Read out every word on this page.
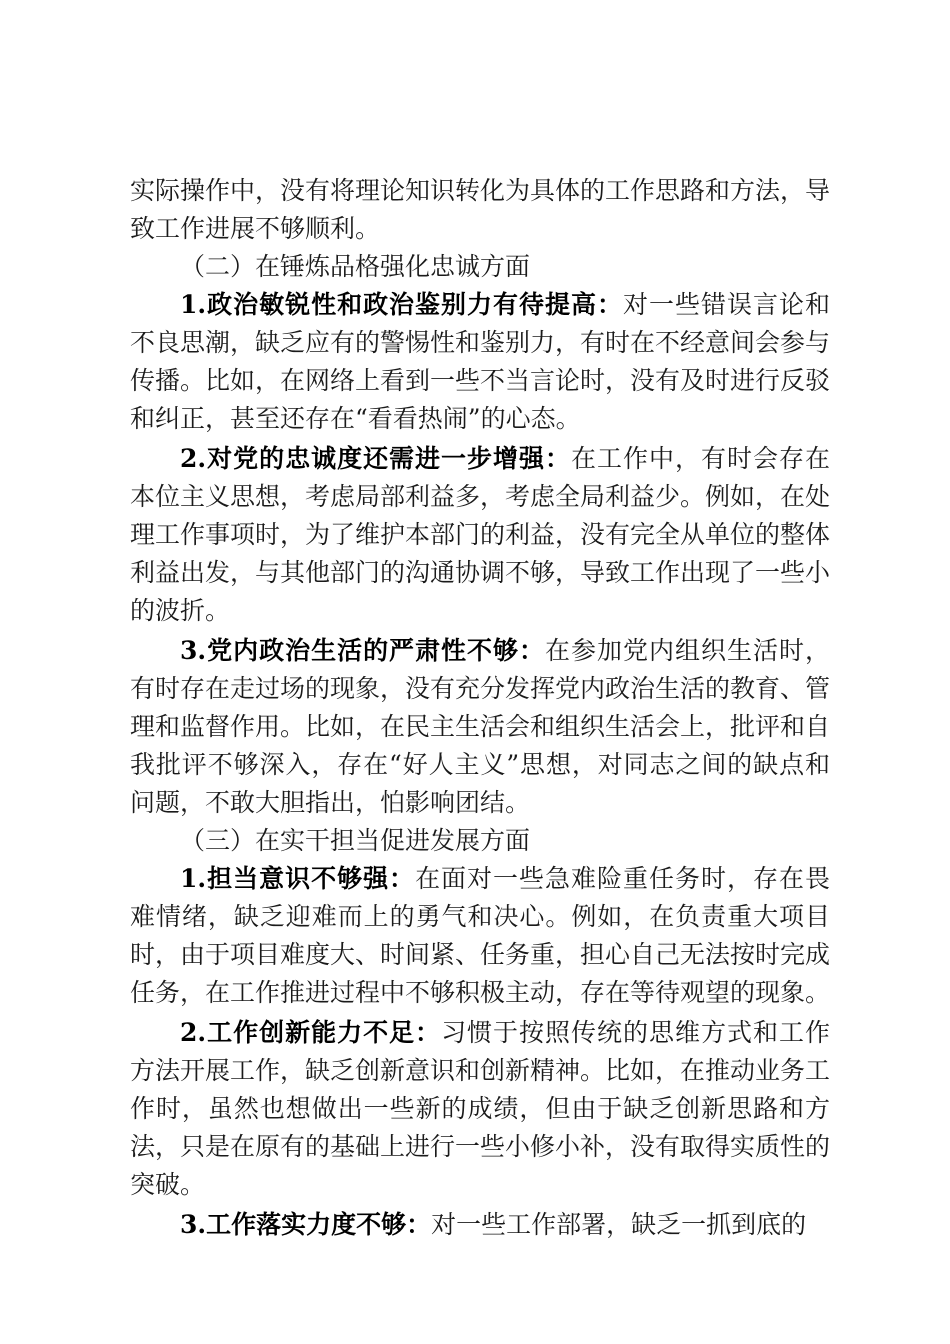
实际操作中，没有将理论知识转化为具体的工作思路和方法，导致工作进展不够顺利。

（二）在锤炼品格强化忠诚方面

1.政治敏锐性和政治鉴别力有待提高：对一些错误言论和不良思潮，缺乏应有的警惕性和鉴别力，有时在不经意间会参与传播。比如，在网络上看到一些不当言论时，没有及时进行反驳和纠正，甚至还存在“看看热闹”的心态。

2.对党的忠诚度还需进一步增强：在工作中，有时会存在本位主义思想，考虑局部利益多，考虑全局利益少。例如，在处理工作事项时，为了维护本部门的利益，没有完全从单位的整体利益出发，与其他部门的沟通协调不够，导致工作出现了一些小的波折。

3.党内政治生活的严肃性不够：在参加党内组织生活时，有时存在走过场的现象，没有充分发挥党内政治生活的教育、管理和监督作用。比如，在民主生活会和组织生活会上，批评和自我批评不够深入，存在“好人主义”思想，对同志之间的缺点和问题，不敢大胆指出，怕影响团结。

（三）在实干担当促进发展方面

1.担当意识不够强：在面对一些急难险重任务时，存在畏难情绪，缺乏迎难而上的勇气和决心。例如，在负责重大项目时，由于项目难度大、时间紧、任务重，担心自己无法按时完成任务，在工作推进过程中不够积极主动，存在等待观望的现象。

2.工作创新能力不足：习惯于按照传统的思维方式和工作方法开展工作，缺乏创新意识和创新精神。比如，在推动业务工作时，虽然也想做出一些新的成绩，但由于缺乏创新思路和方法，只是在原有的基础上进行一些小修小补，没有取得实质性的突破。

3.工作落实力度不够：对一些工作部署，缺乏一抓到底的
